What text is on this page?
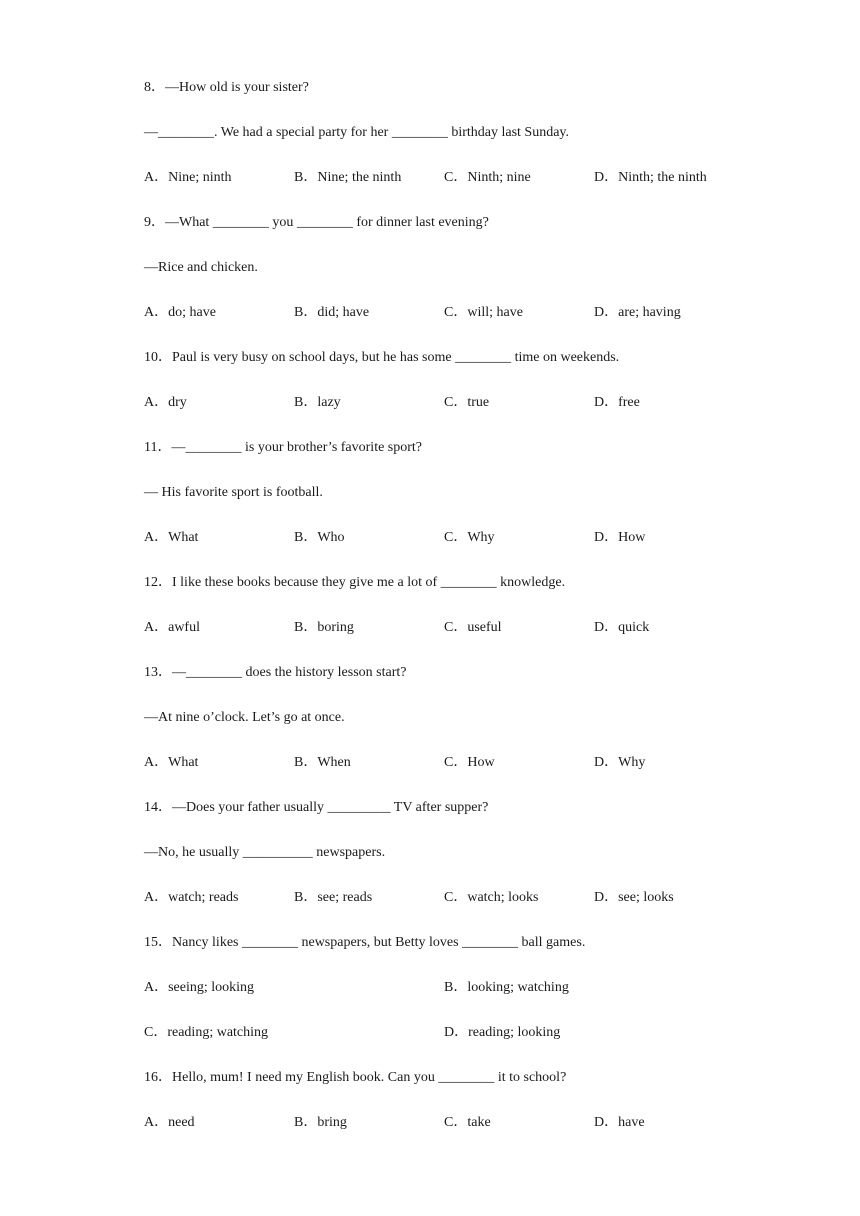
8．—How old is your sister?
—________. We had a special party for her ________ birthday last Sunday.
A．Nine; ninth	B．Nine; the ninth	C．Ninth; nine	D．Ninth; the ninth
9．—What ________ you ________ for dinner last evening?
—Rice and chicken.
A．do; have	B．did; have	C．will; have	D．are; having
10．Paul is very busy on school days, but he has some ________ time on weekends.
A．dry	B．lazy	C．true	D．free
11．—________ is your brother’s favorite sport?
— His favorite sport is football.
A．What	B．Who	C．Why	D．How
12．I like these books because they give me a lot of ________ knowledge.
A．awful	B．boring	C．useful	D．quick
13．—________ does the history lesson start?
—At nine o’clock. Let’s go at once.
A．What	B．When	C．How	D．Why
14．—Does your father usually _________ TV after supper?
—No, he usually __________ newspapers.
A．watch; reads	B．see; reads	C．watch; looks	D．see; looks
15．Nancy likes ________ newspapers, but Betty loves ________ ball games.
A．seeing; looking	B．looking; watching
C．reading; watching	D．reading; looking
16．Hello, mum! I need my English book. Can you ________ it to school?
A．need	B．bring	C．take	D．have
